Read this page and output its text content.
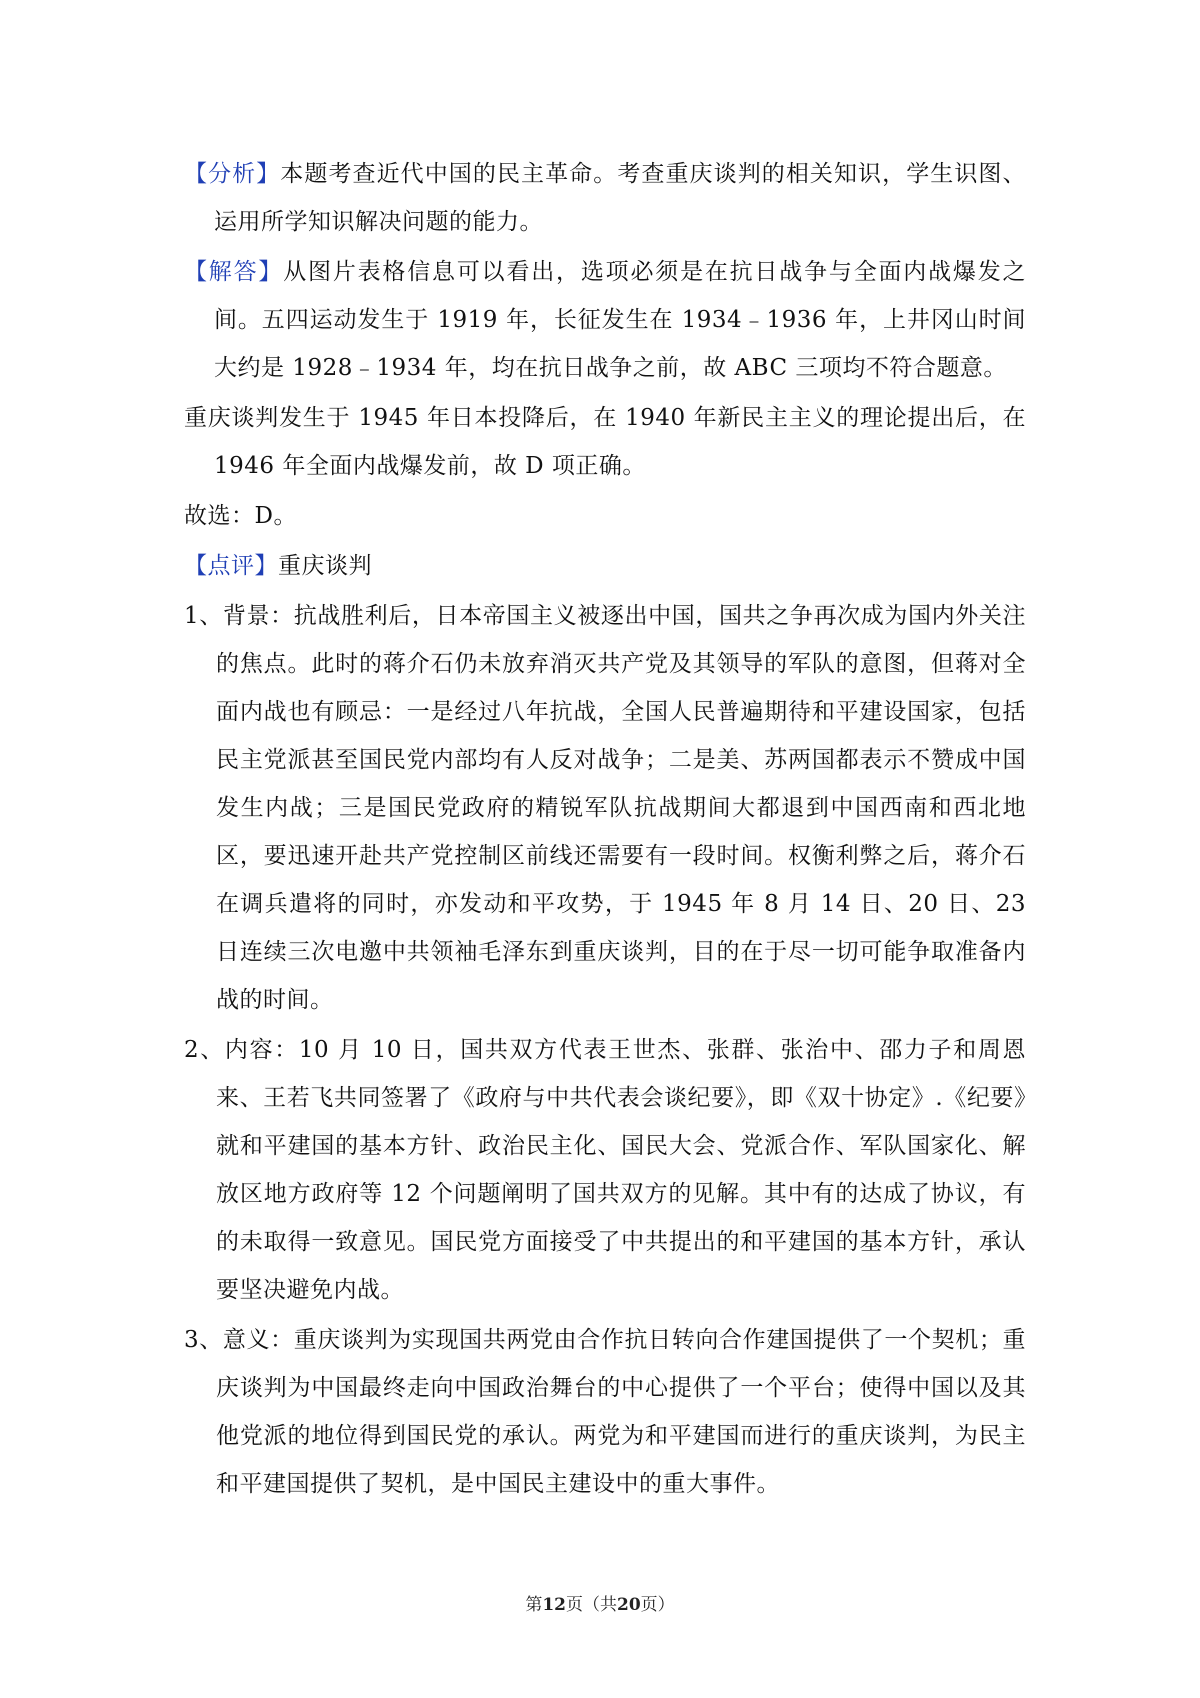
【分析】本题考查近代中国的民主革命。考查重庆谈判的相关知识，学生识图、运用所学知识解决问题的能力。

【解答】从图片表格信息可以看出，选项必须是在抗日战争与全面内战爆发之间。五四运动发生于 1919 年，长征发生在 1934﹣1936 年，上井冈山时间大约是 1928﹣1934 年，均在抗日战争之前，故 ABC 三项均不符合题意。

重庆谈判发生于 1945 年日本投降后，在 1940 年新民主主义的理论提出后，在 1946 年全面内战爆发前，故 D 项正确。

故选：D。

【点评】重庆谈判

1、背景：抗战胜利后，日本帝国主义被逐出中国，国共之争再次成为国内外关注的焦点。此时的蒋介石仍未放弃消灭共产党及其领导的军队的意图，但蒋对全面内战也有顾忌：一是经过八年抗战，全国人民普遍期待和平建设国家，包括民主党派甚至国民党内部均有人反对战争；二是美、苏两国都表示不赞成中国发生内战；三是国民党政府的精锐军队抗战期间大都退到中国西南和西北地区，要迅速开赴共产党控制区前线还需要有一段时间。权衡利弊之后，蒋介石在调兵遣将的同时，亦发动和平攻势，于 1945 年 8 月 14 日、20 日、23 日连续三次电邀中共领袖毛泽东到重庆谈判，目的在于尽一切可能争取准备内战的时间。

2、内容：10 月 10 日，国共双方代表王世杰、张群、张治中、邵力子和周恩来、王若飞共同签署了《政府与中共代表会谈纪要》，即《双十协定》.《纪要》就和平建国的基本方针、政治民主化、国民大会、党派合作、军队国家化、解放区地方政府等 12 个问题阐明了国共双方的见解。其中有的达成了协议，有的未取得一致意见。国民党方面接受了中共提出的和平建国的基本方针，承认要坚决避免内战。

3、意义：重庆谈判为实现国共两党由合作抗日转向合作建国提供了一个契机；重庆谈判为中国最终走向中国政治舞台的中心提供了一个平台；使得中国以及其他党派的地位得到国民党的承认。两党为和平建国而进行的重庆谈判，为民主和平建国提供了契机，是中国民主建设中的重大事件。

第12页（共20页）
